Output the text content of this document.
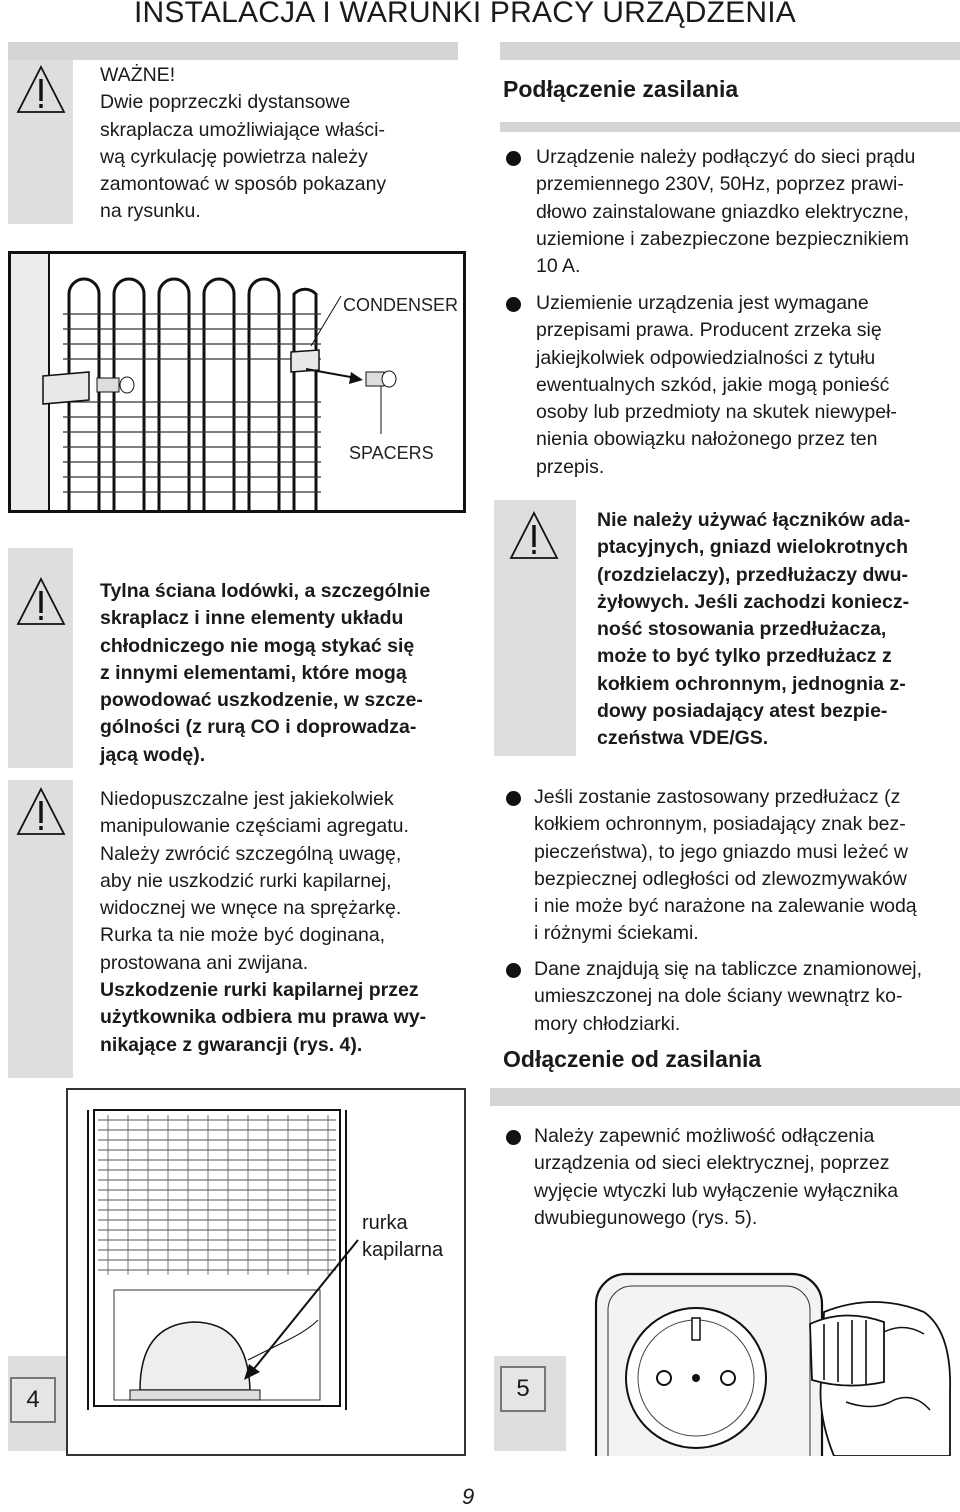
INSTALACJA I WARUNKI PRACY URZĄDZENIA
4
WAŻNE!
Dwie poprzeczki dystansowe
skraplacza umożliwiające właści-
wą cyrkulację powietrza należy
zamontować w sposób pokazany
na rysunku.
CONDENSER
SPACERS
Tylna ściana lodówki, a szczególnie
skraplacz i inne elementy układu
chłodniczego nie mogą stykać się
z innymi elementami, które mogą
powodować uszkodzenie, w szcze-
gólności (z rurą CO i doprowadza-
jącą wodę).
Niedopuszczalne jest jakiekolwiek
manipulowanie częściami agregatu.
Należy zwrócić szczególną uwagę,
aby nie uszkodzić rurki kapilarnej,
widocznej we wnęce na sprężarkę.
Rurka ta nie może być doginana,
prostowana ani zwijana.
Uszkodzenie rurki kapilarnej przez
użytkownika odbiera mu prawa wy-
nikające z gwarancji (rys. 4).
rurka
kapilarna
Podłączenie zasilania
Urządzenie należy podłączyć do sieci prądu
przemiennego 230V, 50Hz, poprzez prawi-
dłowo zainstalowane gniazdko elektryczne,
uziemione i zabezpieczone bezpiecznikiem
10 A.
Uziemienie urządzenia jest wymagane
przepisami prawa. Producent zrzeka się
jakiejkolwiek odpowiedzialności z tytułu
ewentualnych szkód, jakie mogą ponieść
osoby lub przedmioty na skutek niewypeł-
nienia obowiązku nałożonego przez ten
przepis.
Nie należy używać łączników ada-
ptacyjnych, gniazd wielokrotnych
(rozdzielaczy), przedłużaczy dwu-
żyłowych. Jeśli zachodzi koniecz-
ność stosowania przedłużacza,
może to być tylko przedłużacz z
kołkiem ochronnym, jednognia z-
dowy posiadający atest bezpie-
czeństwa VDE/GS.
Jeśli zostanie zastosowany przedłużacz (z
kołkiem ochronnym, posiadający znak bez-
pieczeństwa), to jego gniazdo musi leżeć w
bezpiecznej odległości od zlewozmywaków
i nie może być narażone na zalewanie wodą
i różnymi ściekami.
Dane znajdują się na tabliczce znamionowej,
umieszczonej na dole ściany wewnątrz ko-
mory chłodziarki.
Odłączenie od zasilania
Należy zapewnić możliwość odłączenia
urządzenia od sieci elektrycznej, poprzez
wyjęcie wtyczki lub wyłączenie wyłącznika
dwubiegunowego (rys. 5).
5
9
